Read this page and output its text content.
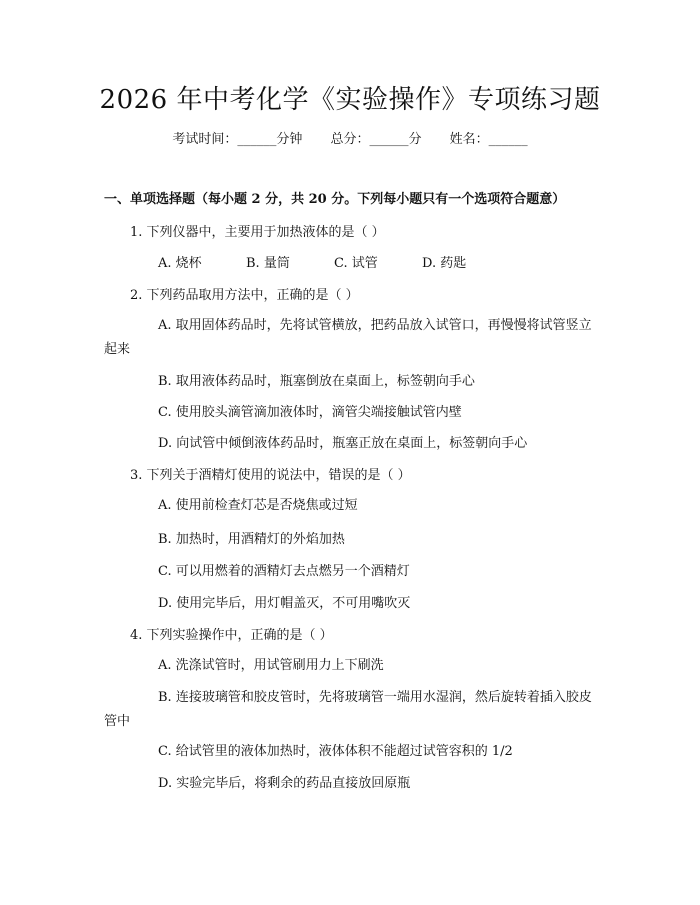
2026 年中考化学《实验操作》专项练习题
考试时间：______分钟 总分：______分 姓名：______
一、单项选择题（每小题 2 分，共 20 分。下列每小题只有一个选项符合题意）
1. 下列仪器中，主要用于加热液体的是（ ）
A. 烧杯	B. 量筒	C. 试管	D. 药匙
2. 下列药品取用方法中，正确的是（ ）
A. 取用固体药品时，先将试管横放，把药品放入试管口，再慢慢将试管竖立起来
B. 取用液体药品时，瓶塞倒放在桌面上，标签朝向手心
C. 使用胶头滴管滴加液体时，滴管尖端接触试管内壁
D. 向试管中倾倒液体药品时，瓶塞正放在桌面上，标签朝向手心
3. 下列关于酒精灯使用的说法中，错误的是（ ）
A. 使用前检查灯芯是否烧焦或过短
B. 加热时，用酒精灯的外焰加热
C. 可以用燃着的酒精灯去点燃另一个酒精灯
D. 使用完毕后，用灯帽盖灭，不可用嘴吹灭
4. 下列实验操作中，正确的是（ ）
A. 洗涤试管时，用试管刷用力上下刷洗
B. 连接玻璃管和胶皮管时，先将玻璃管一端用水湿润，然后旋转着插入胶皮管中
C. 给试管里的液体加热时，液体体积不能超过试管容积的 1/2
D. 实验完毕后，将剩余的药品直接放回原瓶
